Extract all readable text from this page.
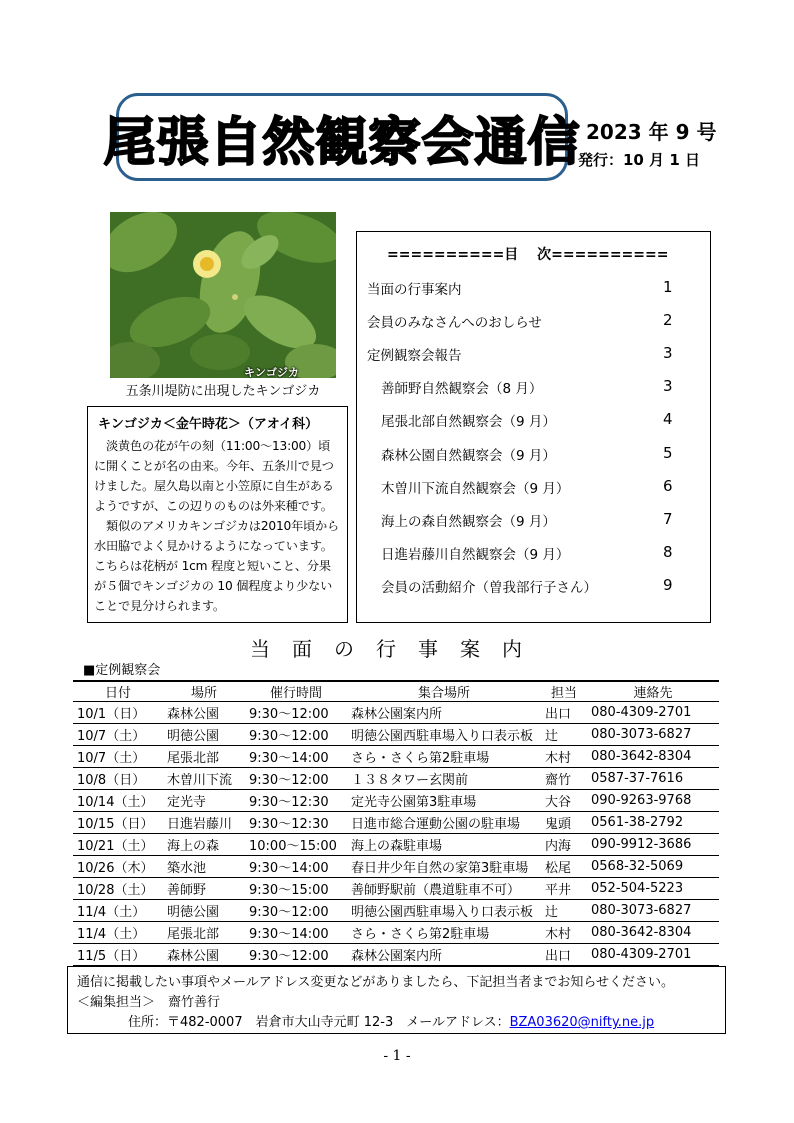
尾張自然観察会通信 2023 年 9 号
発行：10 月 1 日
キンゴジカ
五条川堤防に出現したキンゴジカ
キンゴジカ＜金午時花＞（アオイ科）

淡黄色の花が午の刻（11:00～13:00）頃に開くことが名の由来。今年、五条川で見つけました。屋久島以南と小笠原に自生があるようですが、この辺りのものは外来種です。

類似のアメリカキンゴジカは2010年頃から水田脇でよく見かけるようになっています。こちらは花柄が 1cm 程度と短いこと、分果が５個でキンゴジカの 10 個程度より少ないことで見分けられます。

==========目　 次==========
当面の行事案内	1
会員のみなさんへのおしらせ	2
定例観察会報告	3
善師野自然観察会（8 月）	3
尾張北部自然観察会（9 月）	4
森林公園自然観察会（9 月）	5
木曽川下流自然観察会（9 月）	6
海上の森自然観察会（9 月）	7
日進岩藤川自然観察会（9 月）	8
会員の活動紹介（曽我部行子さん）	9
当面の行事案内
■定例観察会
日付	場所	催行時間	集合場所	担当	連絡先
10/1（日）	森林公園	9:30～12:00	森林公園案内所	出口	080-4309-2701
10/7（土）	明徳公園	9:30～12:00	明徳公園西駐車場入り口表示板	辻	080-3073-6827
10/7（土）	尾張北部	9:30～14:00	さら・さくら第2駐車場	木村	080-3642-8304
10/8（日）	木曽川下流	9:30～12:00	１３８タワー玄関前	齋竹	0587-37-7616
10/14（土）	定光寺	9:30～12:30	定光寺公園第3駐車場	大谷	090-9263-9768
10/15（日）	日進岩藤川	9:30～12:30	日進市総合運動公園の駐車場	鬼頭	0561-38-2792
10/21（土）	海上の森	10:00～15:00	海上の森駐車場	内海	090-9912-3686
10/26（木）	築水池	9:30～14:00	春日井少年自然の家第3駐車場	松尾	0568-32-5069
10/28（土）	善師野	9:30～15:00	善師野駅前（農道駐車不可）	平井	052-504-5223
11/4（土）	明徳公園	9:30～12:00	明徳公園西駐車場入り口表示板	辻	080-3073-6827
11/4（土）	尾張北部	9:30～14:00	さら・さくら第2駐車場	木村	080-3642-8304
11/5（日）	森林公園	9:30～12:00	森林公園案内所	出口	080-4309-2701
通信に掲載したい事項やメールアドレス変更などがありましたら、下記担当者までお知らせください。
＜編集担当＞　齋竹善行
住所：〒482-0007　岩倉市大山寺元町 12-3　メールアドレス：BZA03620@nifty.ne.jp
- 1 -
